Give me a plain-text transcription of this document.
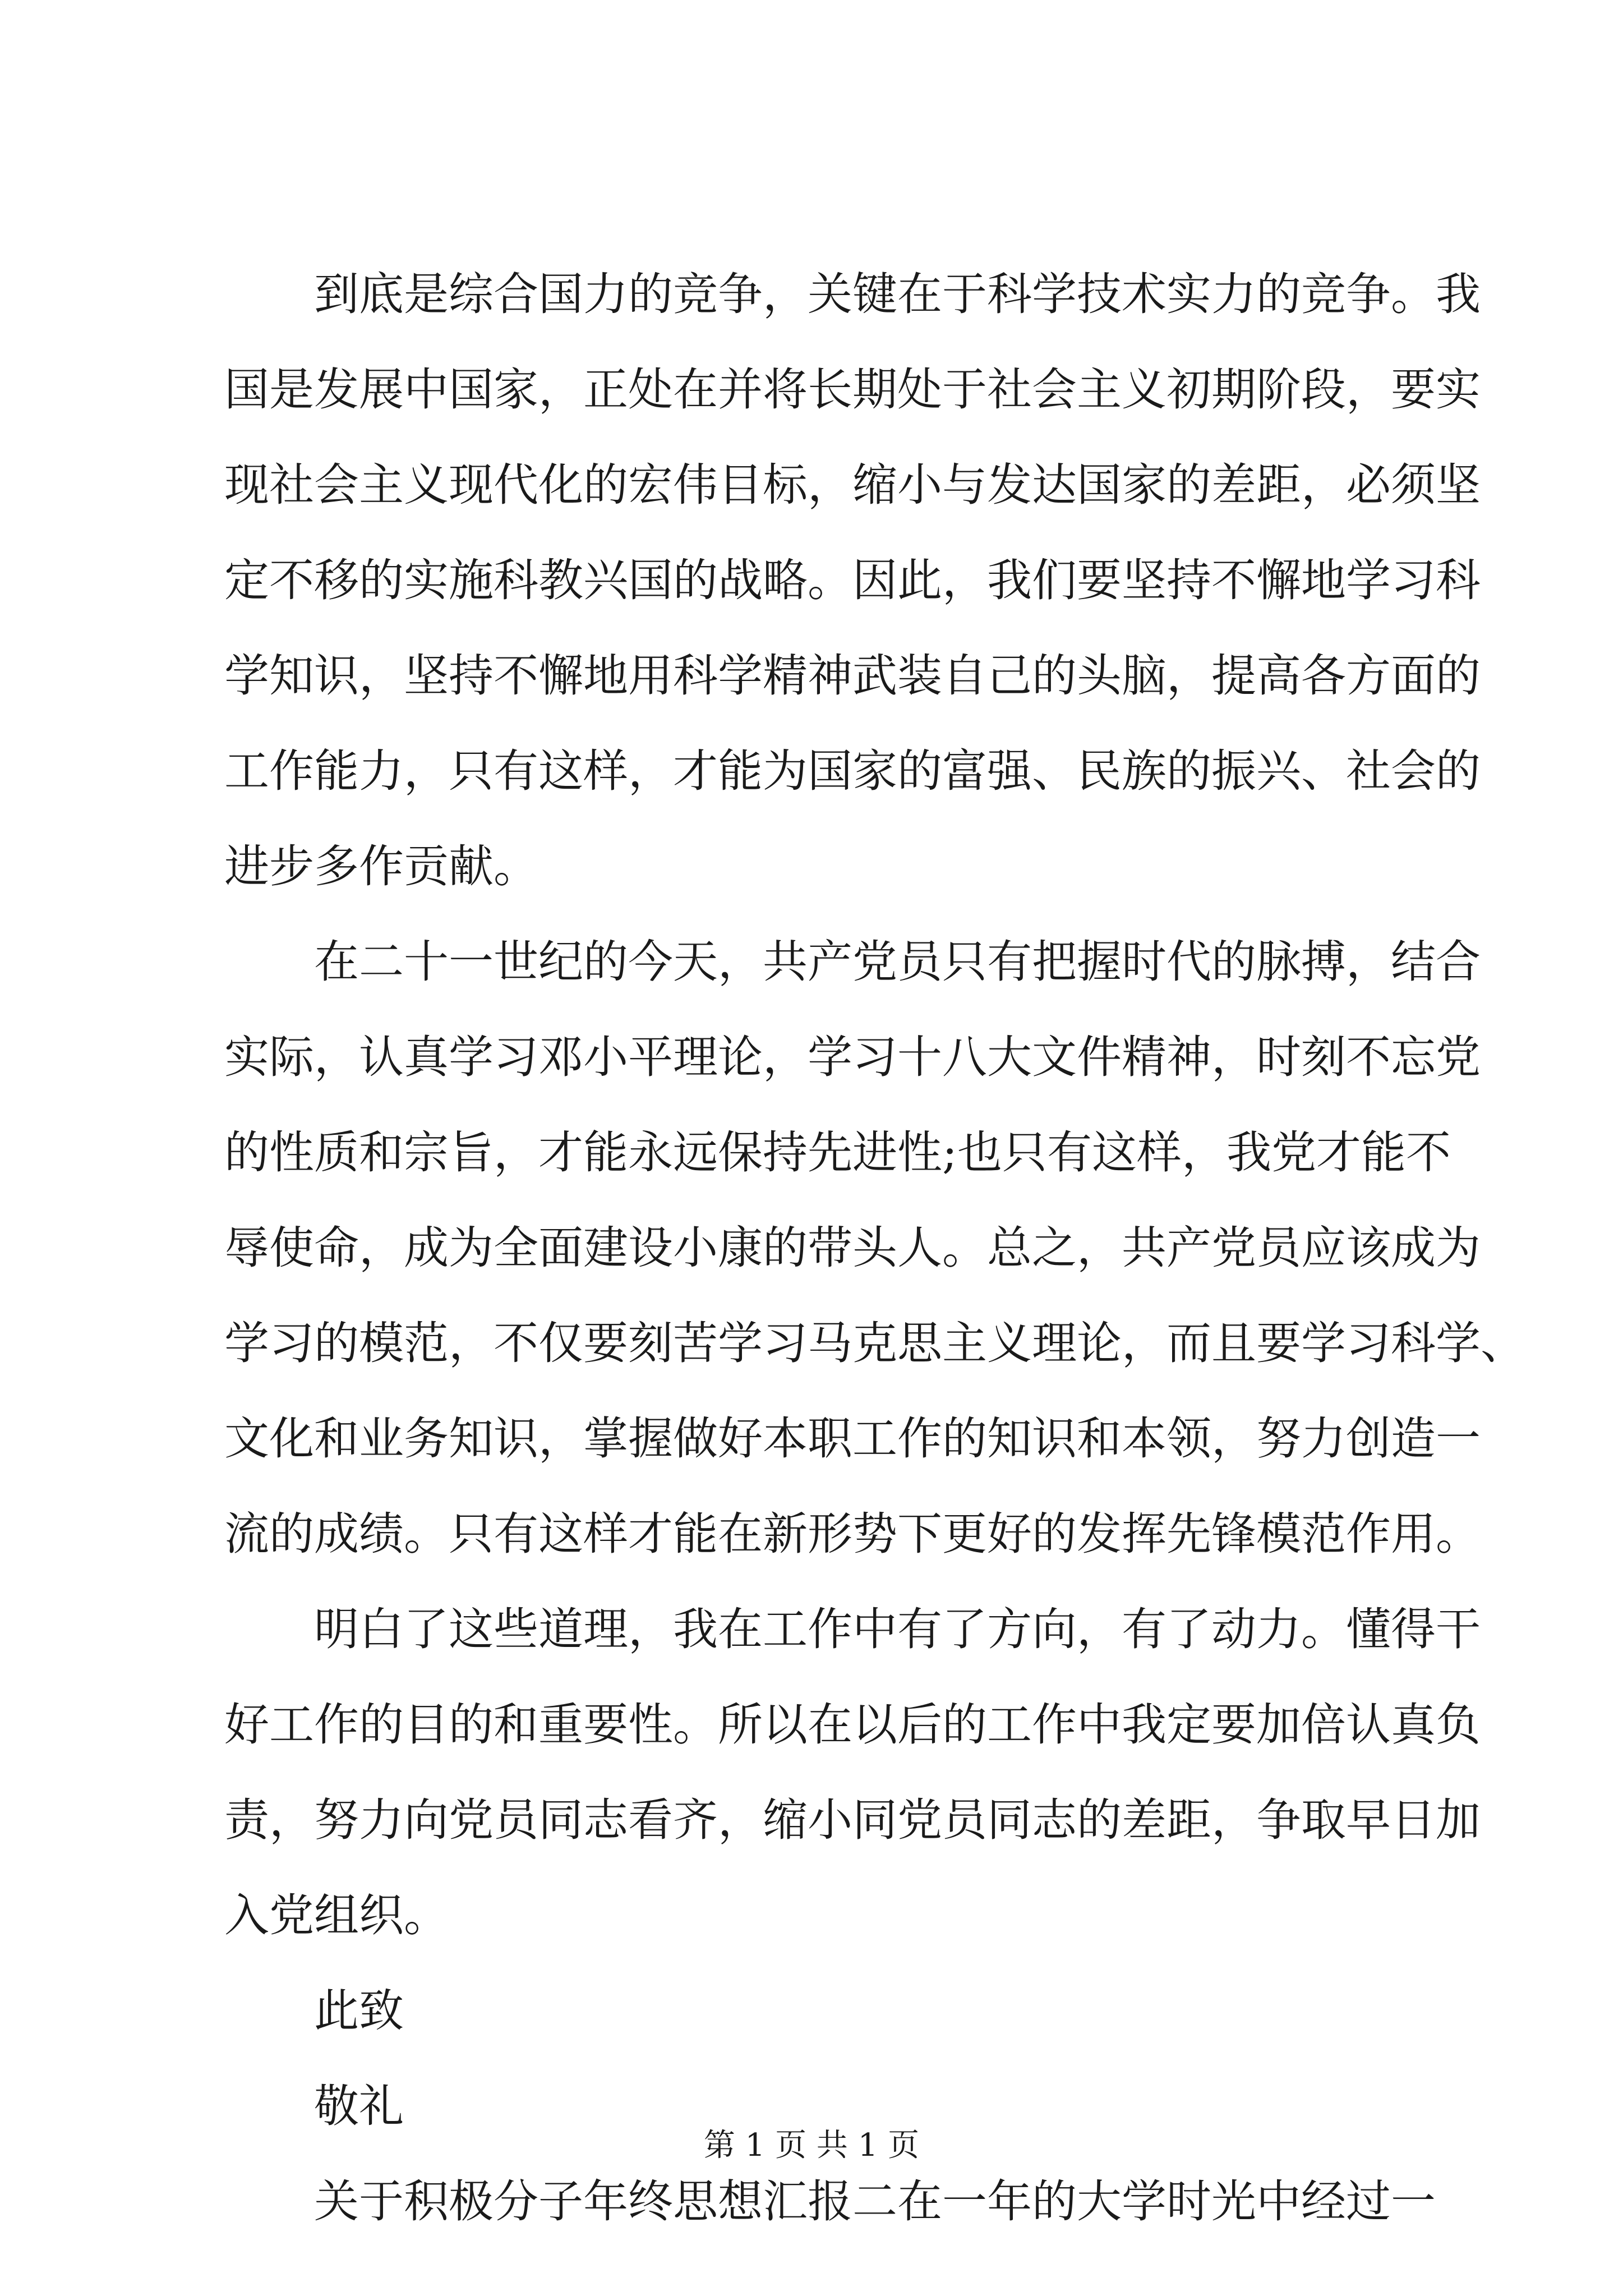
到底是综合国力的竞争，关键在于科学技术实力的竞争。我
国是发展中国家，正处在并将长期处于社会主义初期阶段，要实
现社会主义现代化的宏伟目标，缩小与发达国家的差距，必须坚
定不移的实施科教兴国的战略。因此，我们要坚持不懈地学习科
学知识，坚持不懈地用科学精神武装自己的头脑，提高各方面的
工作能力，只有这样，才能为国家的富强、民族的振兴、社会的
进步多作贡献。
在二十一世纪的今天，共产党员只有把握时代的脉搏，结合
实际，认真学习邓小平理论，学习十八大文件精神，时刻不忘党
的性质和宗旨，才能永远保持先进性;也只有这样，我党才能不
辱使命，成为全面建设小康的带头人。总之，共产党员应该成为
学习的模范，不仅要刻苦学习马克思主义理论，而且要学习科学、
文化和业务知识，掌握做好本职工作的知识和本领，努力创造一
流的成绩。只有这样才能在新形势下更好的发挥先锋模范作用。
明白了这些道理，我在工作中有了方向，有了动力。懂得干
好工作的目的和重要性。所以在以后的工作中我定要加倍认真负
责，努力向党员同志看齐，缩小同党员同志的差距，争取早日加
入党组织。
此致
敬礼
关于积极分子年终思想汇报二在一年的大学时光中经过一
第 1 页 共 1 页
